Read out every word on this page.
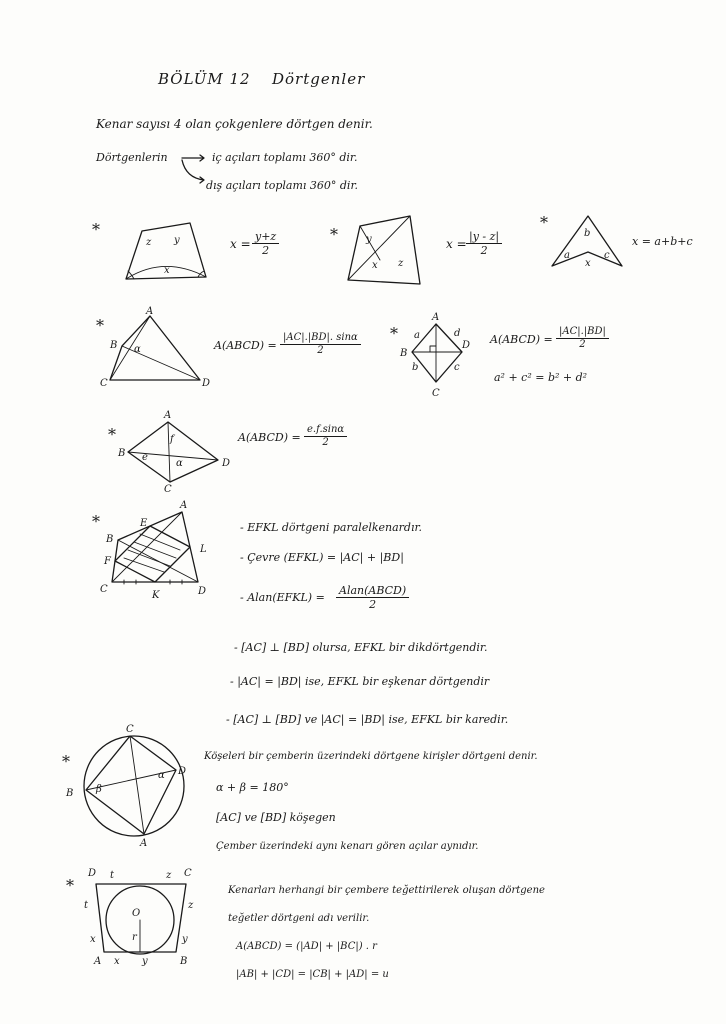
BÖLÜM 12 Dörtgenler
Kenar sayısı 4 olan çokgenlere dörtgen denir.
Dörtgenlerin	iç açıları toplamı 360° dir.
dış açıları toplamı 360° dir.
*
z y
x
$x = \frac{y+z}{2}$	*	y
x z
$x = \frac{|y - z|}{2}$
*
b
a	c
x
x = a+b+c
*
A
B
C	D
α	A(ABCD) = $\frac{|AC|.|BD|. \sin\alpha}{2}$ *
A
B
C
D
a	d
b	c
A(ABCD) = $\frac{|AC|.|BD|}{2}$
a² + c² = b² + d²
*
A
B
C
D
e
f
α
A(ABCD) = $\frac{e.f.\sin\alpha}{2}$
*
A
B
C	D
E
F
K
L
- EFKL dörtgeni paralelkenardır.
- Çevre (EFKL) = |AC| + |BD|
- Alan(EFKL) =
Alan(ABCD)
2
- [AC] ⊥ [BD] olursa, EFKL bir dikdörtgendir.
- |AC| = |BD| ise, EFKL bir eşkenar dörtgendir
- [AC] ⊥ [BD] ve |AC| = |BD| ise, EFKL bir karedir.
*
C
B
A
D
β
α
Köşeleri bir çemberin üzerindeki dörtgene kirişler dörtgeni denir.
α + β = 180°
[AC] ve [BD] köşegen
Çember üzerindeki aynı kenarı gören açılar aynıdır.
*
D	C
A	B
O
r
t
t	z
z
x
x y
y
Kenarları herhangi bir çembere teğettirilerek oluşan dörtgene
teğetler dörtgeni adı verilir.
A(ABCD) = (|AD| + |BC|) . r
|AB| + |CD| = |CB| + |AD| = u
